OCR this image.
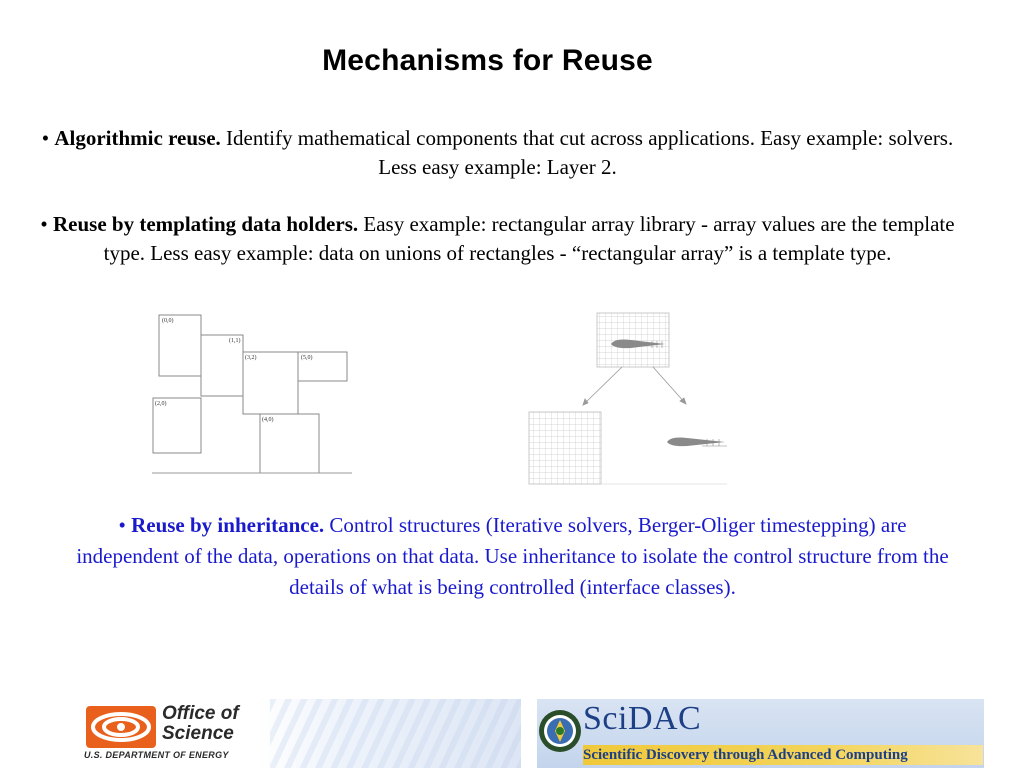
Mechanisms for Reuse
• Algorithmic reuse. Identify mathematical components that cut across applications. Easy example: solvers. Less easy example: Layer 2.
• Reuse by templating data holders. Easy example: rectangular array library - array values are the template type. Less easy example: data on unions of rectangles - “rectangular array” is a template type.
(0,0)
(1,1)
(3,2)	(5,0)
(2,0)
(4,0)
• Reuse by inheritance. Control structures (Iterative solvers, Berger-Oliger timestepping) are independent of the data, operations on that data. Use inheritance to isolate the control structure from the details of what is being controlled (interface classes).
Office of
Science
U.S. DEPARTMENT OF ENERGY
SciDAC
Scientific Discovery through Advanced Computing
